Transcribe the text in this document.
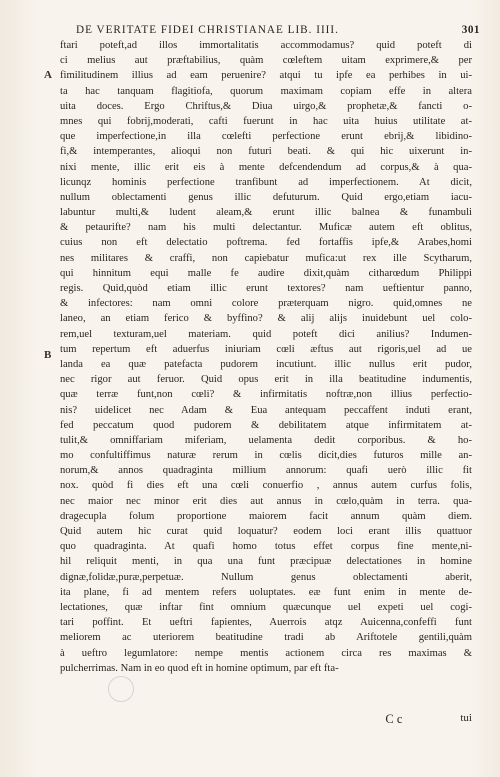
DE VERITATE FIDEI CHRISTIANAE LIB. IIII.	301
A
B
ftari poteft,ad illos immortalitatis accommodamus? quid poteft di
ci melius aut præftabilius, quàm cœleftem uitam exprimere,& per
fimilitudinem illius ad eam peruenire? atqui tu ipfe ea perhibes in ui-
ta hac tanquam flagitiofa, quorum maximam copiam effe in altera
uita doces. Ergo Chriftus,& Diua uirgo,& prophetæ,& fancti o-
mnes qui fobrij,moderati, cafti fuerunt in hac uita huius utilitate at-
que imperfectione,in illa cœlefti perfectione erunt ebrij,& libidino-
fi,& intemperantes, alioqui non futuri beati. & qui hic uixerunt in-
nixi mente, illic erit eis à mente defcendendum ad corpus,& à qua-
licunqz hominis perfectione tranfibunt ad imperfectionem. At dicit,
nullum oblectamenti genus illic defuturum. Quid ergo,etiam iacu-
labuntur multi,& ludent aleam,& erunt illic balnea & funambuli
& petaurifte? nam his multi delectantur. Muficæ autem eft oblitus,
cuius non eft delectatio poftrema. fed fortaffis ipfe,& Arabes,homi
nes militares & craffi, non capiebatur mufica:ut rex ille Scytharum,
qui hinnitum equi malle fe audire dixit,quàm citharœdum Philippi
regis. Quid,quòd etiam illic erunt textores? nam ueftientur panno,
& infectores: nam omni colore præterquam nigro. quid,omnes ne
laneo, an etiam ferico & byffino? & alij alijs inuidebunt uel colo-
rem,uel texturam,uel materiam. quid poteft dici anilius? Indumen-
tum repertum eft aduerfus iniuriam cœli æftus aut rigoris,uel ad ue
landa ea quæ patefacta pudorem incutiunt. illic nullus erit pudor,
nec rigor aut feruor. Quid opus erit in illa beatitudine indumentis,
quæ terræ funt,non cœli? & infirmitatis noftræ,non illius perfectio-
nis? uidelicet nec Adam & Eua antequam peccaffent induti erant,
fed peccatum quod pudorem & debilitatem atque infirmitatem at-
tulit,& omniffariam miferiam, uelamenta dedit corporibus. & ho-
mo confultiffimus naturæ rerum in cœlis dicit,dies futuros mille an-
norum,& annos quadraginta millium annorum: quafi uerò illic fit
nox. quòd fi dies eft una cœli conuerfio , annus autem curfus folis,
nec maior nec minor erit dies aut annus in cœlo,quàm in terra. qua-
dragecupla folum proportione maiorem facit annum quàm diem.
Quid autem hic curat quid loquatur? eodem loci erant illis quattuor
quo quadraginta. At quafi homo totus effet corpus fine mente,ni-
hil reliquit menti, in qua una funt præcipuæ delectationes in homine
dignæ,folidæ,puræ,perpetuæ. Nullum genus oblectamenti aberit,
ita plane, fi ad mentem refers uoluptates. eæ funt enim in mente de-
lectationes, quæ inftar fint omnium quæcunque uel expeti uel cogi-
tari poffint. Et ueftri fapientes, Auerrois atqz Auicenna,confeffi funt
meliorem ac uteriorem beatitudine tradi ab Ariftotele gentili,quàm
à ueftro legumlatore: nempe mentis actionem circa res maximas &
pulcherrimas. Nam in eo quod eft in homine optimum, par eft fta-
C c	tui
